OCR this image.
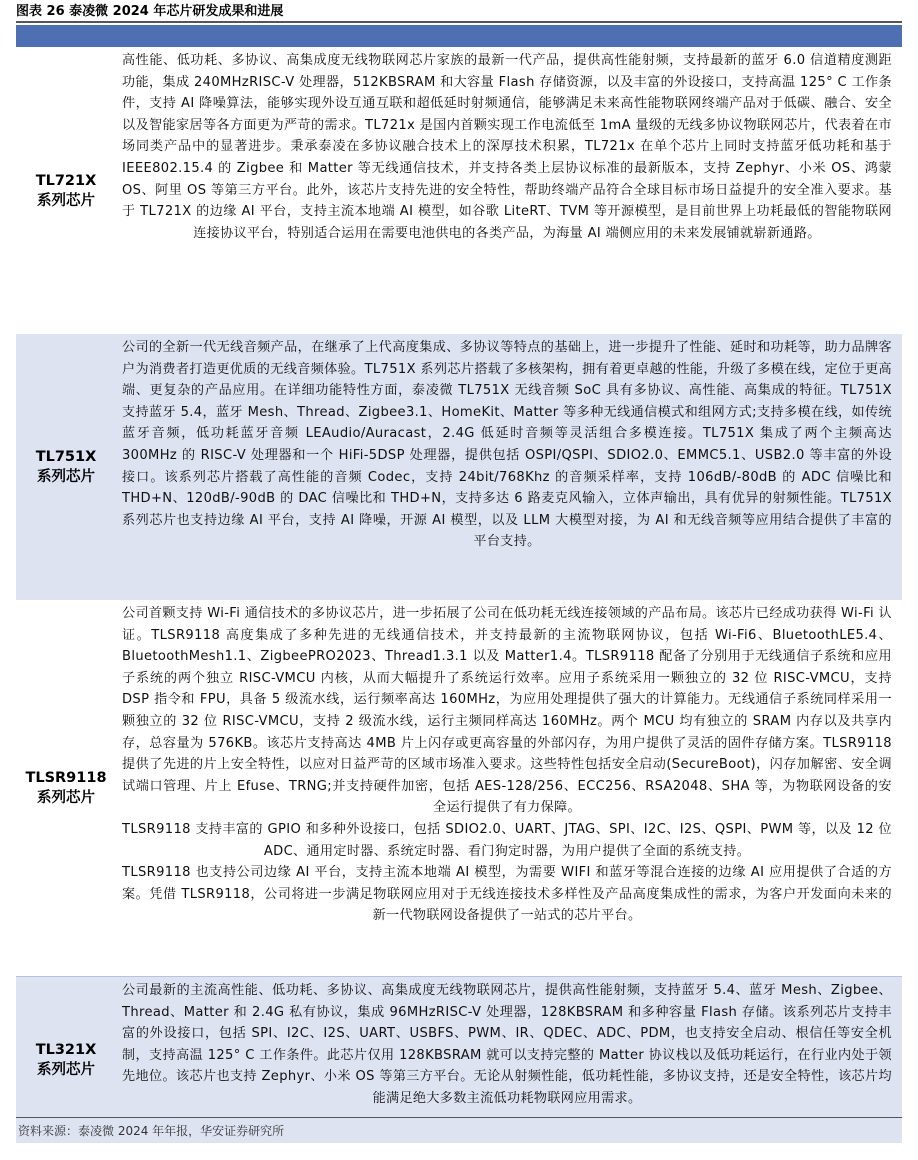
图表 26 泰凌微 2024 年芯片研发成果和进展
TL721X
系列芯片

高性能、低功耗、多协议、高集成度无线物联网芯片家族的最新一代产品，提供高性能射频，支持最新的蓝牙 6.0 信道精度测距功能，集成 240MHzRISC-V 处理器，512KBSRAM 和大容量 Flash 存储资源，以及丰富的外设接口，支持高温 125° C 工作条件，支持 AI 降噪算法，能够实现外设互通互联和超低延时射频通信，能够满足未来高性能物联网终端产品对于低碳、融合、安全以及智能家居等各方面更为严苛的需求。TL721x 是国内首颗实现工作电流低至 1mA 量级的无线多协议物联网芯片，代表着在市场同类产品中的显著进步。秉承泰凌在多协议融合技术上的深厚技术积累，TL721x 在单个芯片上同时支持蓝牙低功耗和基于 IEEE802.15.4 的 Zigbee 和 Matter 等无线通信技术，并支持各类上层协议标准的最新版本，支持 Zephyr、小米 OS、鸿蒙 OS、阿里 OS 等第三方平台。此外，该芯片支持先进的安全特性，帮助终端产品符合全球目标市场日益提升的安全准入要求。基于 TL721X 的边缘 AI 平台，支持主流本地端 AI 模型，如谷歌 LiteRT、TVM 等开源模型，是目前世界上功耗最低的智能物联网连接协议平台，特别适合运用在需要电池供电的各类产品，为海量 AI 端侧应用的未来发展铺就崭新通路。

TL751X
系列芯片

公司的全新一代无线音频产品，在继承了上代高度集成、多协议等特点的基础上，进一步提升了性能、延时和功耗等，助力品牌客户为消费者打造更优质的无线音频体验。TL751X 系列芯片搭载了多核架构，拥有着更卓越的性能，升级了多模在线，定位于更高端、更复杂的产品应用。在详细功能特性方面，泰凌微 TL751X 无线音频 SoC 具有多协议、高性能、高集成的特征。TL751X 支持蓝牙 5.4，蓝牙 Mesh、Thread、Zigbee3.1、HomeKit、Matter 等多种无线通信模式和组网方式;支持多模在线，如传统蓝牙音频，低功耗蓝牙音频 LEAudio/Auracast，2.4G 低延时音频等灵活组合多模连接。TL751X 集成了两个主频高达 300MHz 的 RISC-V 处理器和一个 HiFi-5DSP 处理器，提供包括 OSPI/QSPI、SDIO2.0、EMMC5.1、USB2.0 等丰富的外设接口。该系列芯片搭载了高性能的音频 Codec，支持 24bit/768Khz 的音频采样率，支持 106dB/-80dB 的 ADC 信噪比和 THD+N、120dB/-90dB 的 DAC 信噪比和 THD+N，支持多达 6 路麦克风输入，立体声输出，具有优异的射频性能。TL751X 系列芯片也支持边缘 AI 平台，支持 AI 降噪，开源 AI 模型，以及 LLM 大模型对接，为 AI 和无线音频等应用结合提供了丰富的平台支持。

TLSR9118
系列芯片

公司首颗支持 Wi-Fi 通信技术的多协议芯片，进一步拓展了公司在低功耗无线连接领域的产品布局。该芯片已经成功获得 Wi-Fi 认证。TLSR9118 高度集成了多种先进的无线通信技术，并支持最新的主流物联网协议，包括 Wi-Fi6、BluetoothLE5.4、BluetoothMesh1.1、ZigbeePRO2023、Thread1.3.1 以及 Matter1.4。TLSR9118 配备了分别用于无线通信子系统和应用子系统的两个独立 RISC-VMCU 内核，从而大幅提升了系统运行效率。应用子系统采用一颗独立的 32 位 RISC-VMCU，支持 DSP 指令和 FPU，具备 5 级流水线，运行频率高达 160MHz，为应用处理提供了强大的计算能力。无线通信子系统同样采用一颗独立的 32 位 RISC-VMCU，支持 2 级流水线，运行主频同样高达 160MHz。两个 MCU 均有独立的 SRAM 内存以及共享内存，总容量为 576KB。该芯片支持高达 4MB 片上闪存或更高容量的外部闪存，为用户提供了灵活的固件存储方案。TLSR9118 提供了先进的片上安全特性，以应对日益严苛的区域市场准入要求。这些特性包括安全启动(SecureBoot)，闪存加解密、安全调试端口管理、片上 Efuse、TRNG;并支持硬件加密，包括 AES-128/256、ECC256、RSA2048、SHA 等，为物联网设备的安全运行提供了有力保障。

TLSR9118 支持丰富的 GPIO 和多种外设接口，包括 SDIO2.0、UART、JTAG、SPI、I2C、I2S、QSPI、PWM 等，以及 12 位 ADC、通用定时器、系统定时器、看门狗定时器，为用户提供了全面的系统支持。

TLSR9118 也支持公司边缘 AI 平台，支持主流本地端 AI 模型，为需要 WIFI 和蓝牙等混合连接的边缘 AI 应用提供了合适的方案。凭借 TLSR9118，公司将进一步满足物联网应用对于无线连接技术多样性及产品高度集成性的需求，为客户开发面向未来的新一代物联网设备提供了一站式的芯片平台。

TL321X
系列芯片

公司最新的主流高性能、低功耗、多协议、高集成度无线物联网芯片，提供高性能射频，支持蓝牙 5.4、蓝牙 Mesh、Zigbee、Thread、Matter 和 2.4G 私有协议，集成 96MHzRISC-V 处理器，128KBSRAM 和多种容量 Flash 存储。该系列芯片支持丰富的外设接口，包括 SPI、I2C、I2S、UART、USBFS、PWM、IR、QDEC、ADC、PDM，也支持安全启动、根信任等安全机制，支持高温 125° C 工作条件。此芯片仅用 128KBSRAM 就可以支持完整的 Matter 协议栈以及低功耗运行，在行业内处于领先地位。该芯片也支持 Zephyr、小米 OS 等第三方平台。无论从射频性能，低功耗性能，多协议支持，还是安全特性，该芯片均能满足绝大多数主流低功耗物联网应用需求。

资料来源：泰凌微 2024 年年报，华安证券研究所
